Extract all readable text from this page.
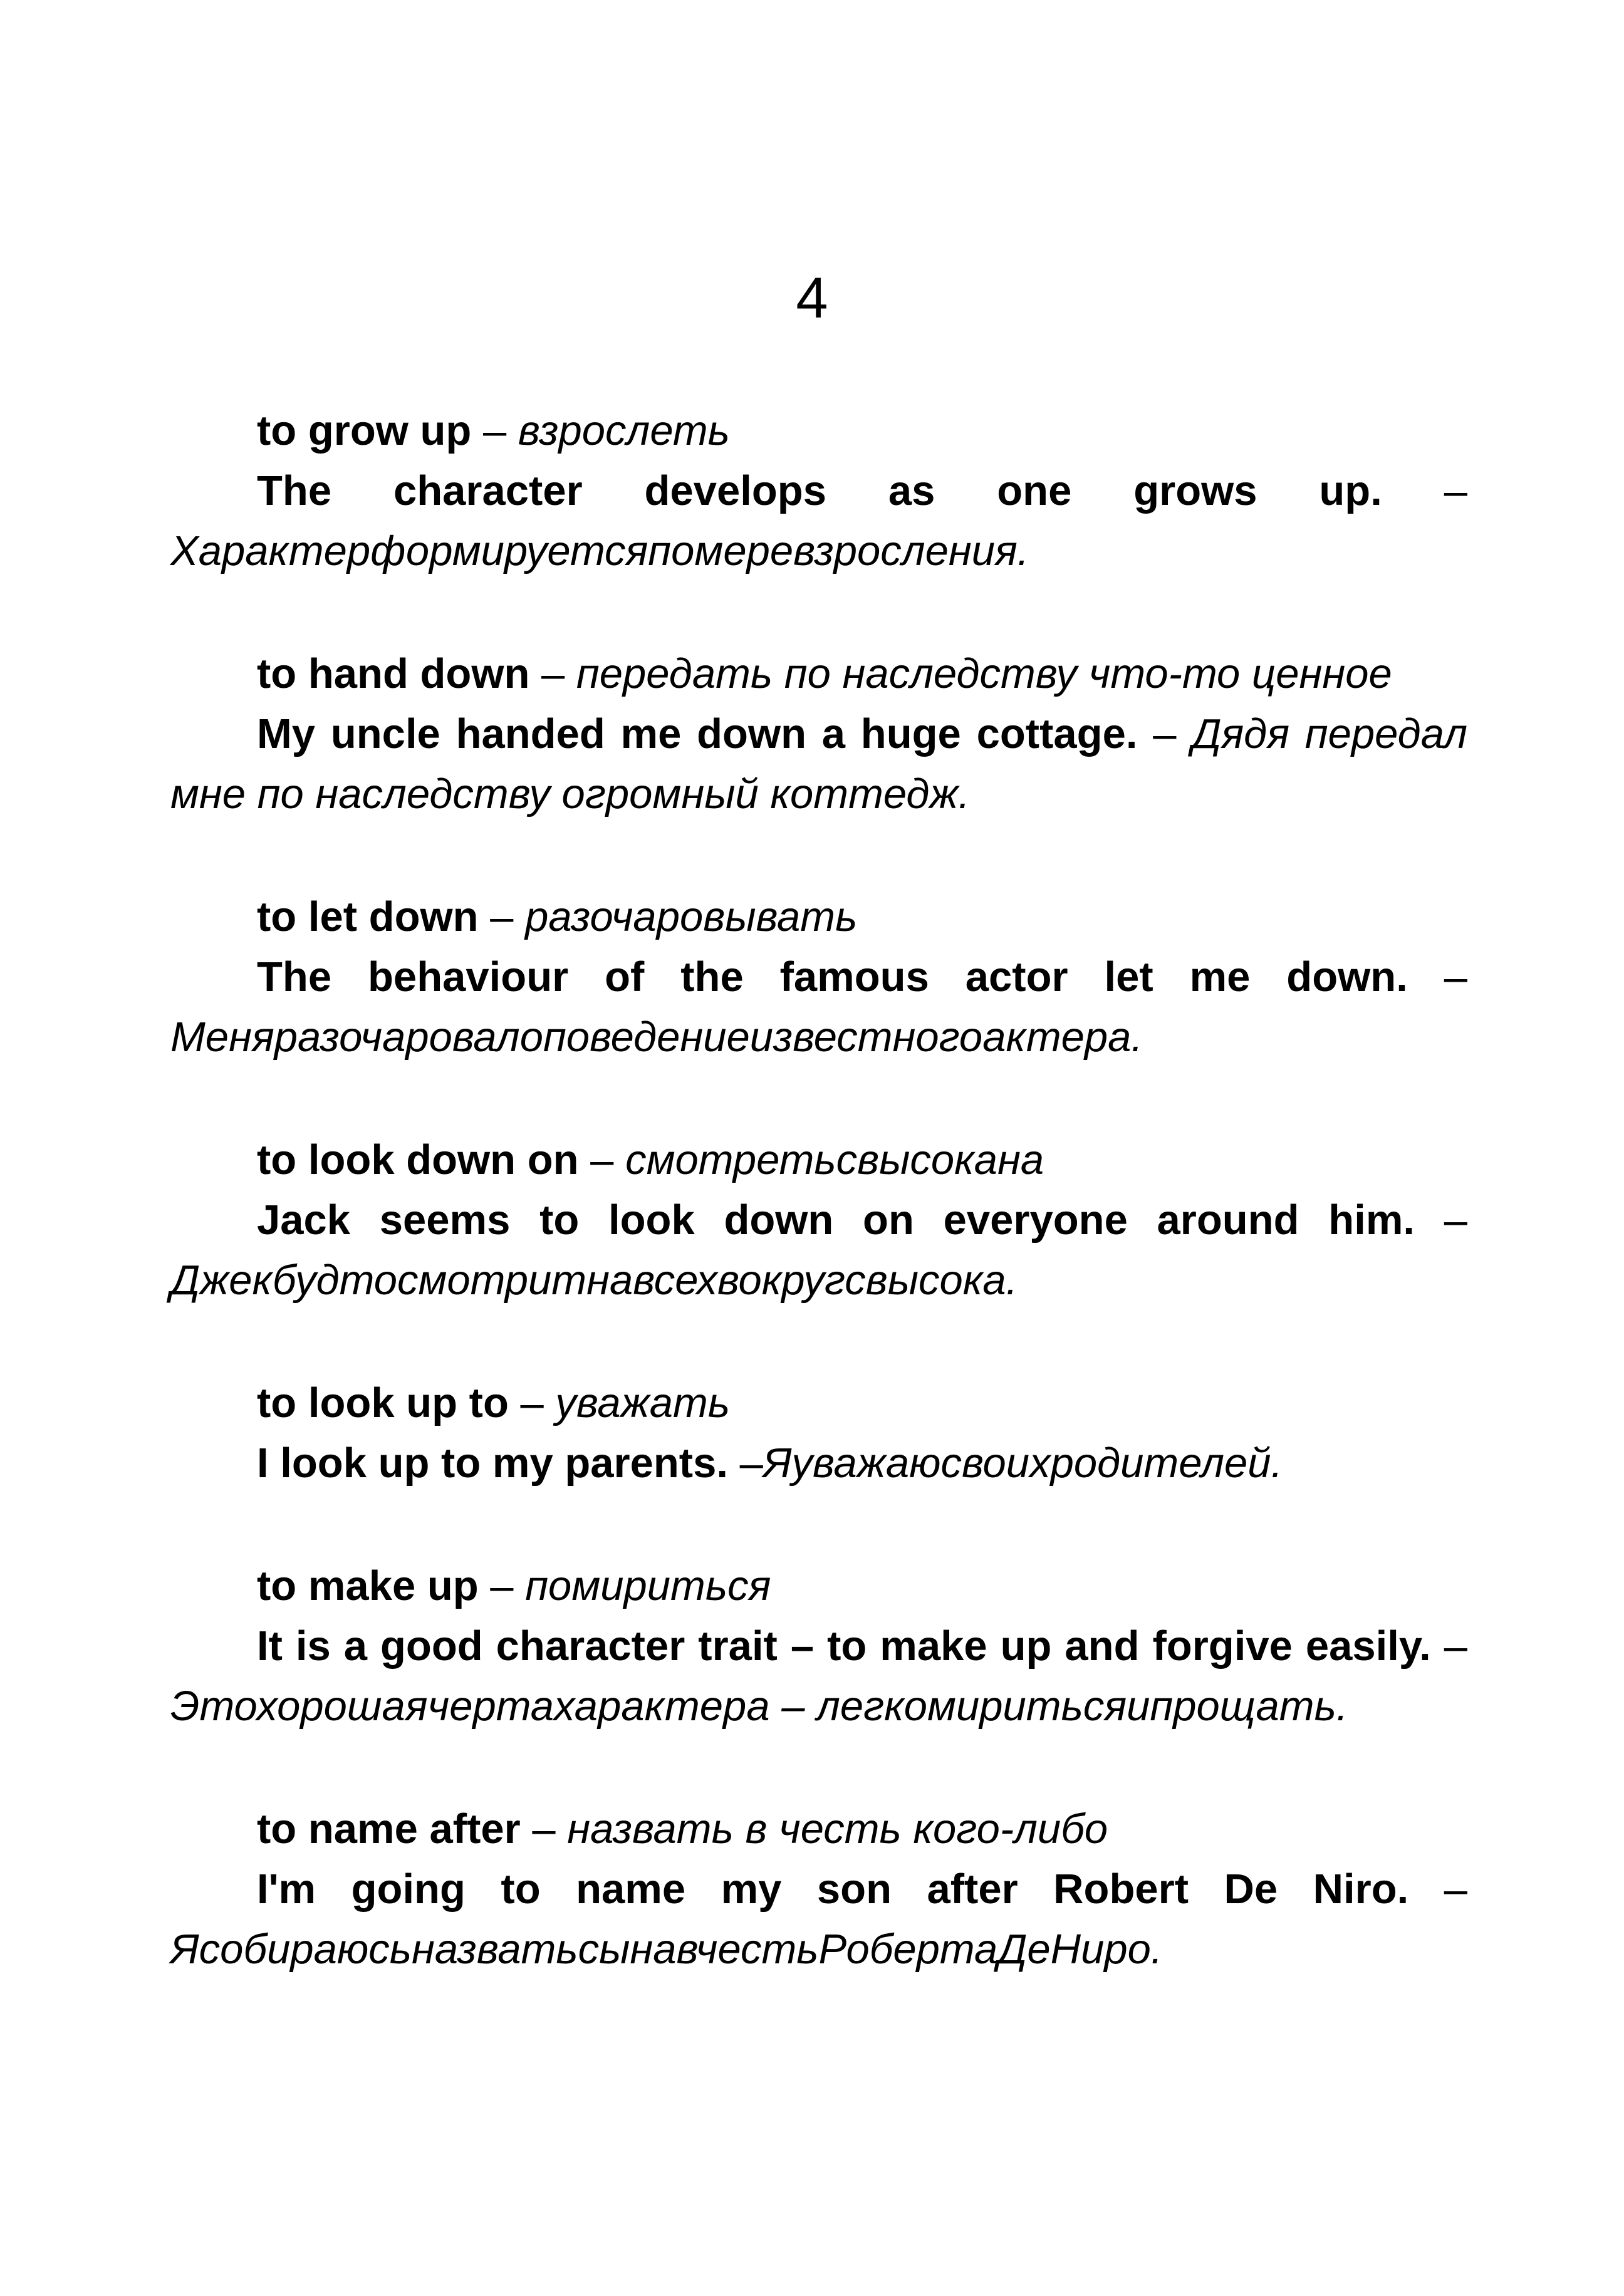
4

to grow up – взрослеть

The character develops as one grows up. – Характерформируетсяпомеревзросления.

to hand down – передать по наследству что-то ценное

My uncle handed me down a huge cottage. – Дядя передал мне по наследству огромный коттедж.

to let down – разочаровывать

The behaviour of the famous actor let me down. – Меняразочаровалоповедениеизвестногоактера.

to look down on – смотретьсвысокана

Jack seems to look down on everyone around him. – Джекбудтосмотритнавсехвокругсвысока.

to look up to – уважать

I look up to my parents. –Яуважаюсвоихродителей.

to make up – помириться

It is a good character trait – to make up and forgive easily. – Этохорошаячертахарактера – легкомиритьсяипрощать.

to name after – назвать в честь кого-либо

I'm going to name my son after Robert De Niro. – ЯсобираюсьназватьсынавчестьРобертаДеНиро.
